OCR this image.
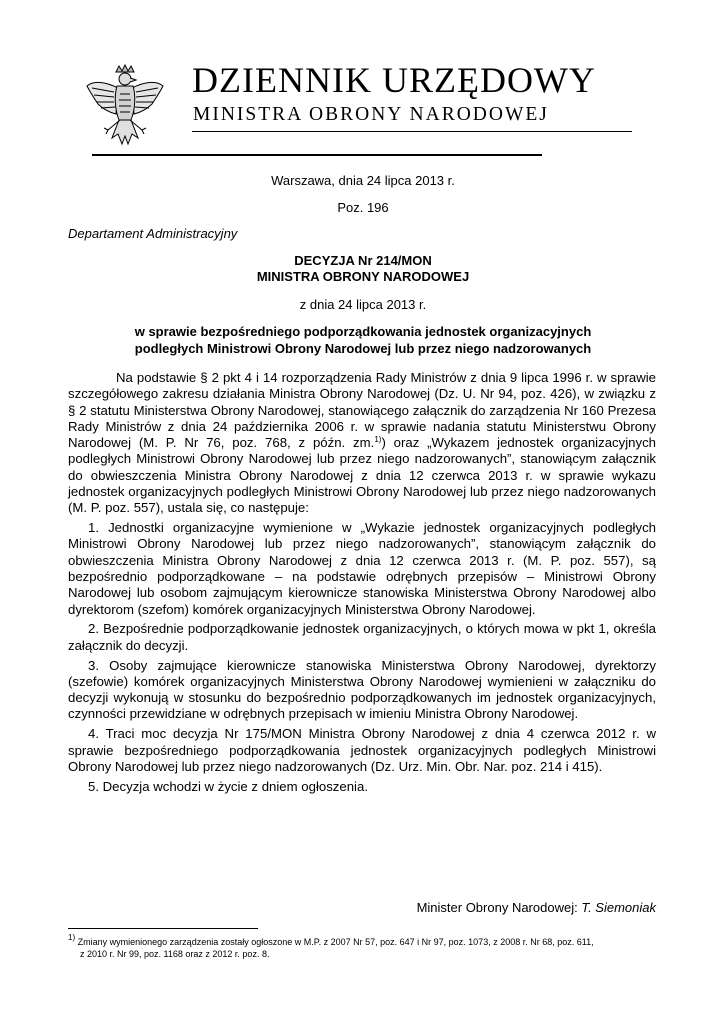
DZIENNIK URZĘDOWY
MINISTRA OBRONY NARODOWEJ
Warszawa, dnia 24 lipca 2013 r.
Poz. 196
Departament Administracyjny
DECYZJA Nr 214/MON
MINISTRA OBRONY NARODOWEJ
z dnia 24 lipca 2013 r.
w sprawie bezpośredniego podporządkowania jednostek organizacyjnych
podległych Ministrowi Obrony Narodowej lub przez niego nadzorowanych

Na podstawie § 2 pkt 4 i 14 rozporządzenia Rady Ministrów z dnia 9 lipca 1996 r. w sprawie szczegółowego zakresu działania Ministra Obrony Narodowej (Dz. U. Nr 94, poz. 426), w związku z § 2 statutu Ministerstwa Obrony Narodowej, stanowiącego załącznik do zarządzenia Nr 160 Prezesa Rady Ministrów z dnia 24 października 2006 r. w sprawie nadania statutu Ministerstwu Obrony Narodowej (M. P. Nr 76, poz. 768, z późn. zm.$^{1)}$) oraz „Wykazem jednostek organizacyjnych podległych Ministrowi Obrony Narodowej lub przez niego nadzorowanych”, stanowiącym załącznik do obwieszczenia Ministra Obrony Narodowej z dnia 12 czerwca 2013 r. w sprawie wykazu jednostek organizacyjnych podległych Ministrowi Obrony Narodowej lub przez niego nadzorowanych (M. P. poz. 557), ustala się, co następuje:

1. Jednostki organizacyjne wymienione w „Wykazie jednostek organizacyjnych podległych Ministrowi Obrony Narodowej lub przez niego nadzorowanych”, stanowiącym załącznik do obwieszczenia Ministra Obrony Narodowej z dnia 12 czerwca 2013 r. (M. P. poz. 557), są bezpośrednio podporządkowane – na podstawie odrębnych przepisów – Ministrowi Obrony Narodowej lub osobom zajmującym kierownicze stanowiska Ministerstwa Obrony Narodowej albo dyrektorom (szefom) komórek organizacyjnych Ministerstwa Obrony Narodowej.

2. Bezpośrednie podporządkowanie jednostek organizacyjnych, o których mowa w pkt 1, określa załącznik do decyzji.

3. Osoby zajmujące kierownicze stanowiska Ministerstwa Obrony Narodowej, dyrektorzy (szefowie) komórek organizacyjnych Ministerstwa Obrony Narodowej wymienieni w załączniku do decyzji wykonują w stosunku do bezpośrednio podporządkowanych im jednostek organizacyjnych, czynności przewidziane w odrębnych przepisach w imieniu Ministra Obrony Narodowej.

4. Traci moc decyzja Nr 175/MON Ministra Obrony Narodowej z dnia 4 czerwca 2012 r. w sprawie bezpośredniego podporządkowania jednostek organizacyjnych podległych Ministrowi Obrony Narodowej lub przez niego nadzorowanych (Dz. Urz. Min. Obr. Nar. poz. 214 i 415).

5. Decyzja wchodzi w życie z dniem ogłoszenia.

Minister Obrony Narodowej: T. Siemoniak
$^{1)}$ Zmiany wymienionego zarządzenia zostały ogłoszone w M.P. z 2007 Nr 57, poz. 647 i Nr 97, poz. 1073, z 2008 r. Nr 68, poz. 611,
z 2010 r. Nr 99, poz. 1168 oraz z 2012 r. poz. 8.
